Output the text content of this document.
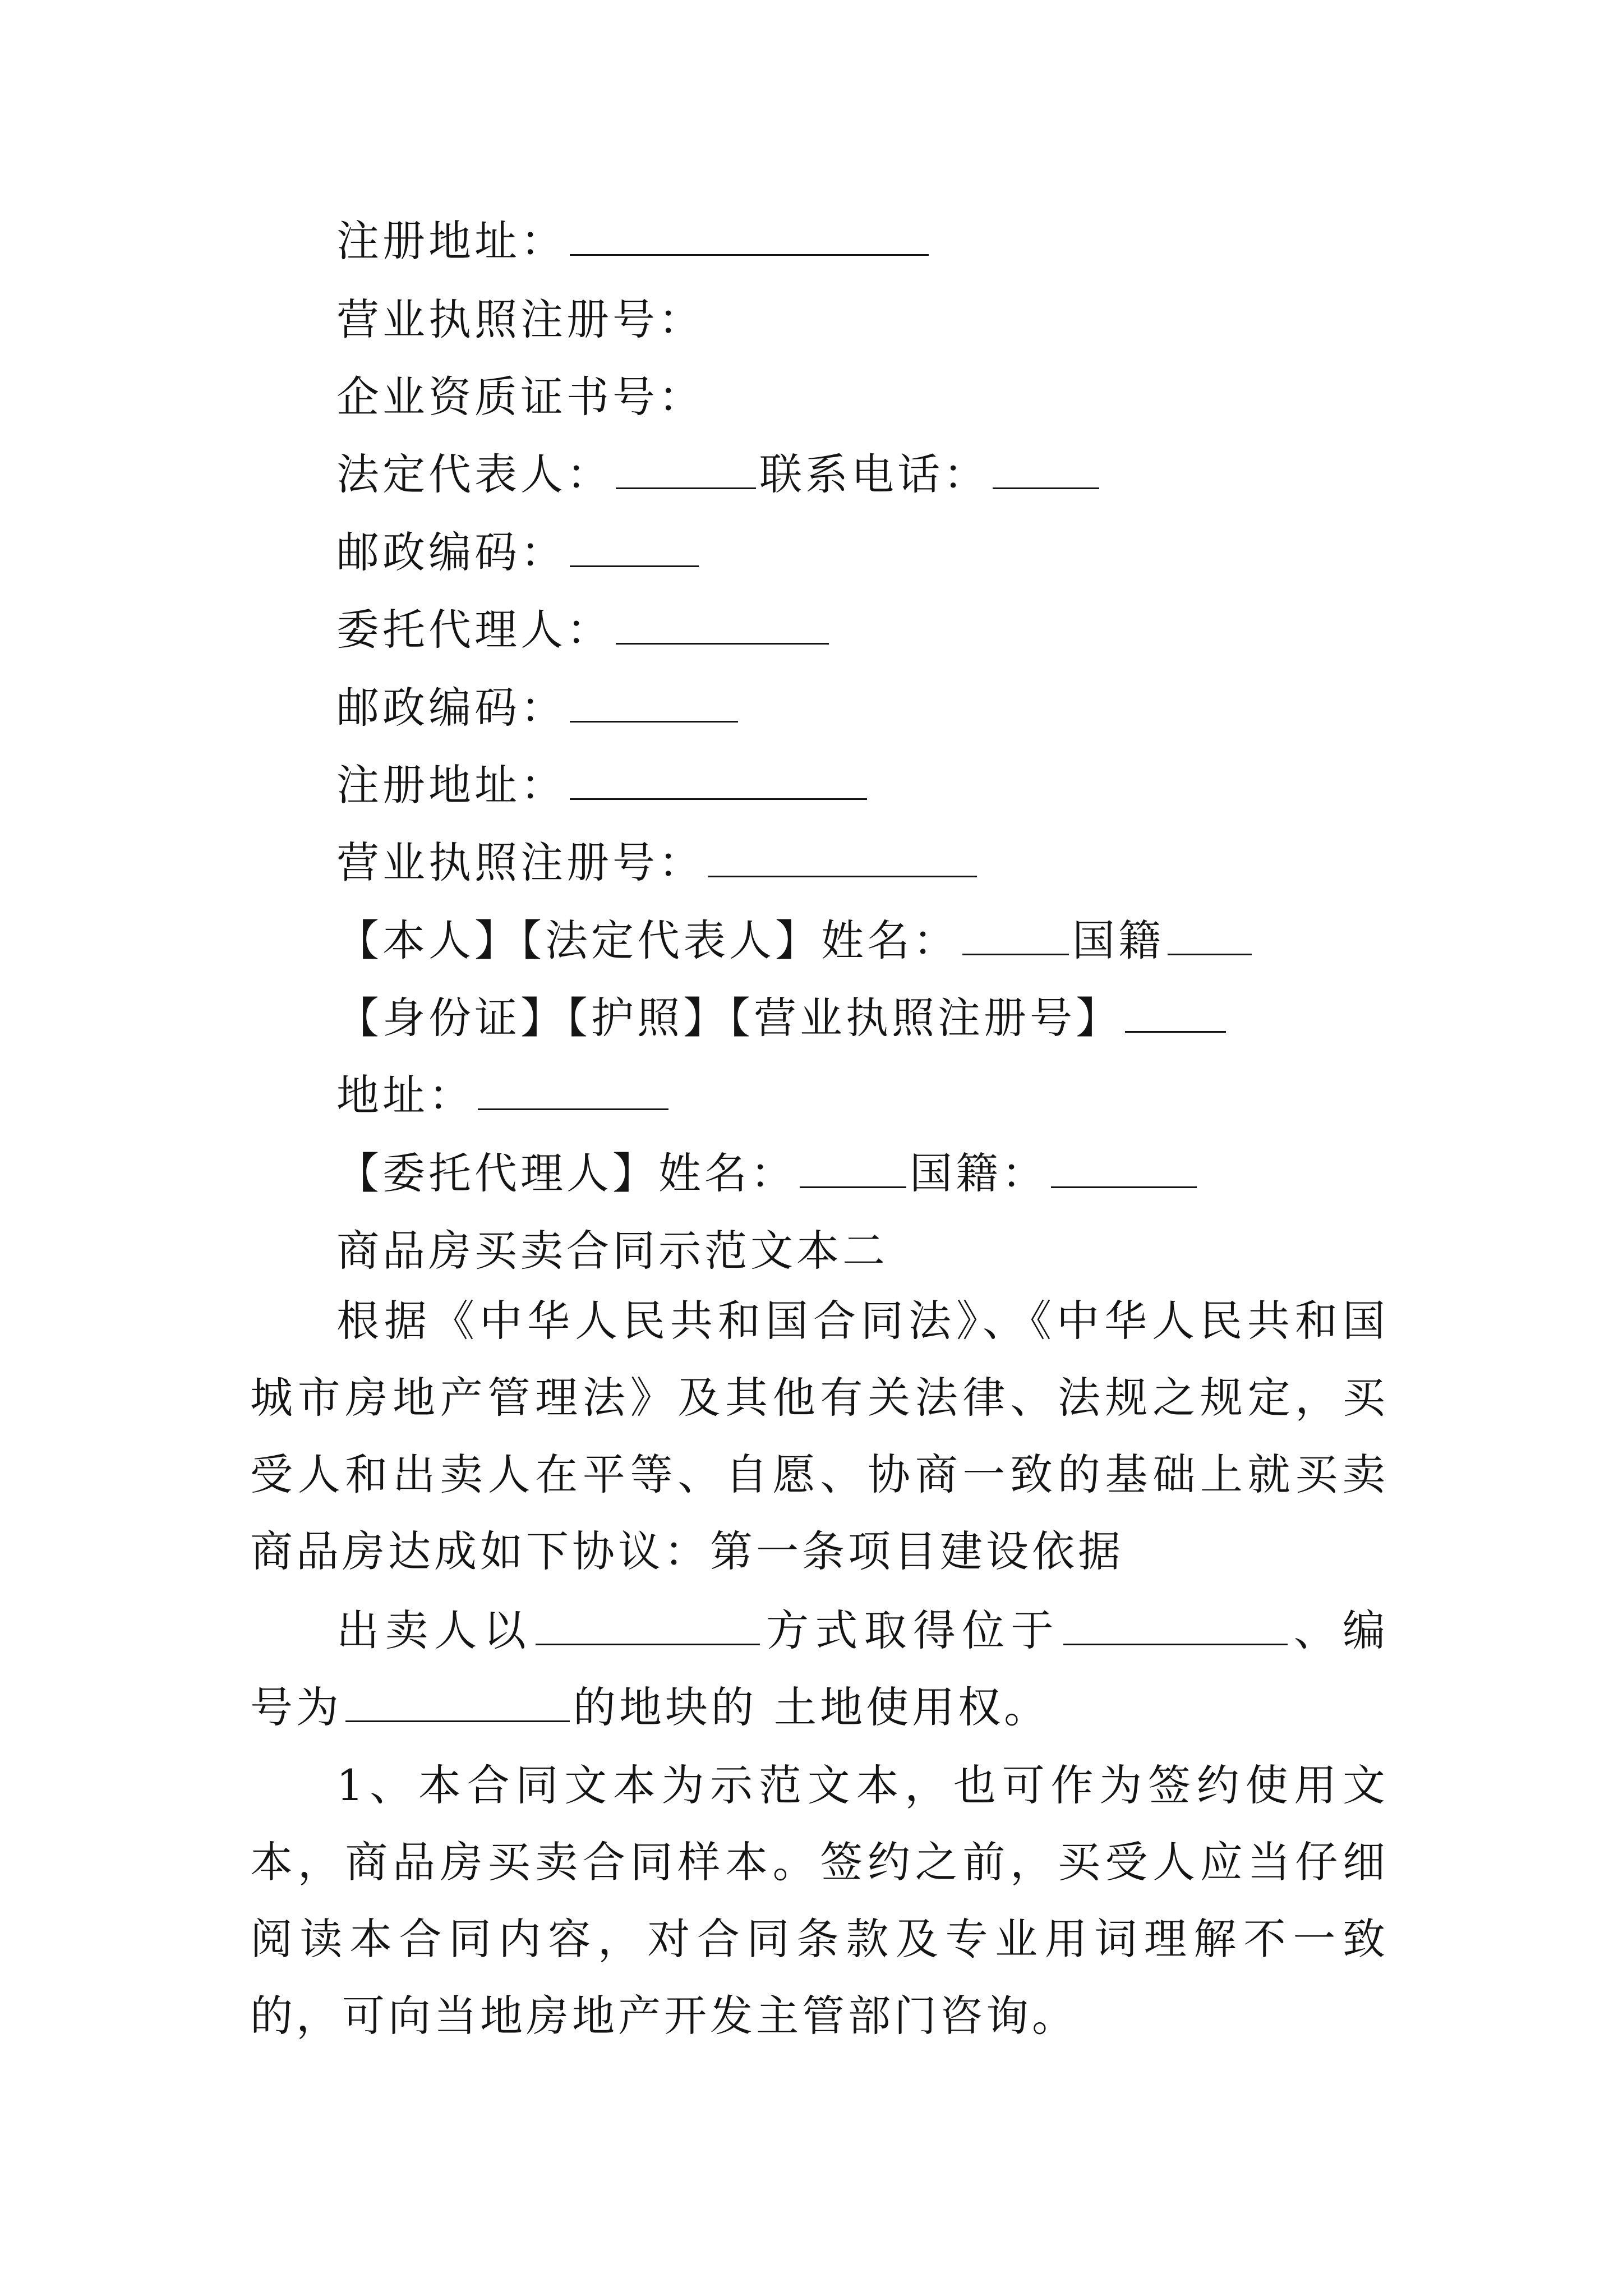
注册地址：
营业执照注册号：
企业资质证书号：
法定代表人：	联系电话：
邮政编码：
委托代理人：
邮政编码：
注册地址：
营业执照注册号：
【本人】【法定代表人】姓名：	国籍
【身份证】【护照】【营业执照注册号】
地址：
【委托代理人】姓名：	国籍：
商品房买卖合同示范文本二
根据《中华人民共和国合同法》、《中华人民共和国城市房地产管理法》及其他有关法律、法规之规定，买受人和出卖人在平等、自愿、协商一致的基础上就买卖商品房达成如下协议：第一条项目建设依据
出卖人以	方式取得位于	、编号为	的地块的 土地使用权。
1、本合同文本为示范文本，也可作为签约使用文本，商品房买卖合同样本。签约之前，买受人应当仔细阅读本合同内容，对合同条款及专业用词理解不一致的，可向当地房地产开发主管部门咨询。
